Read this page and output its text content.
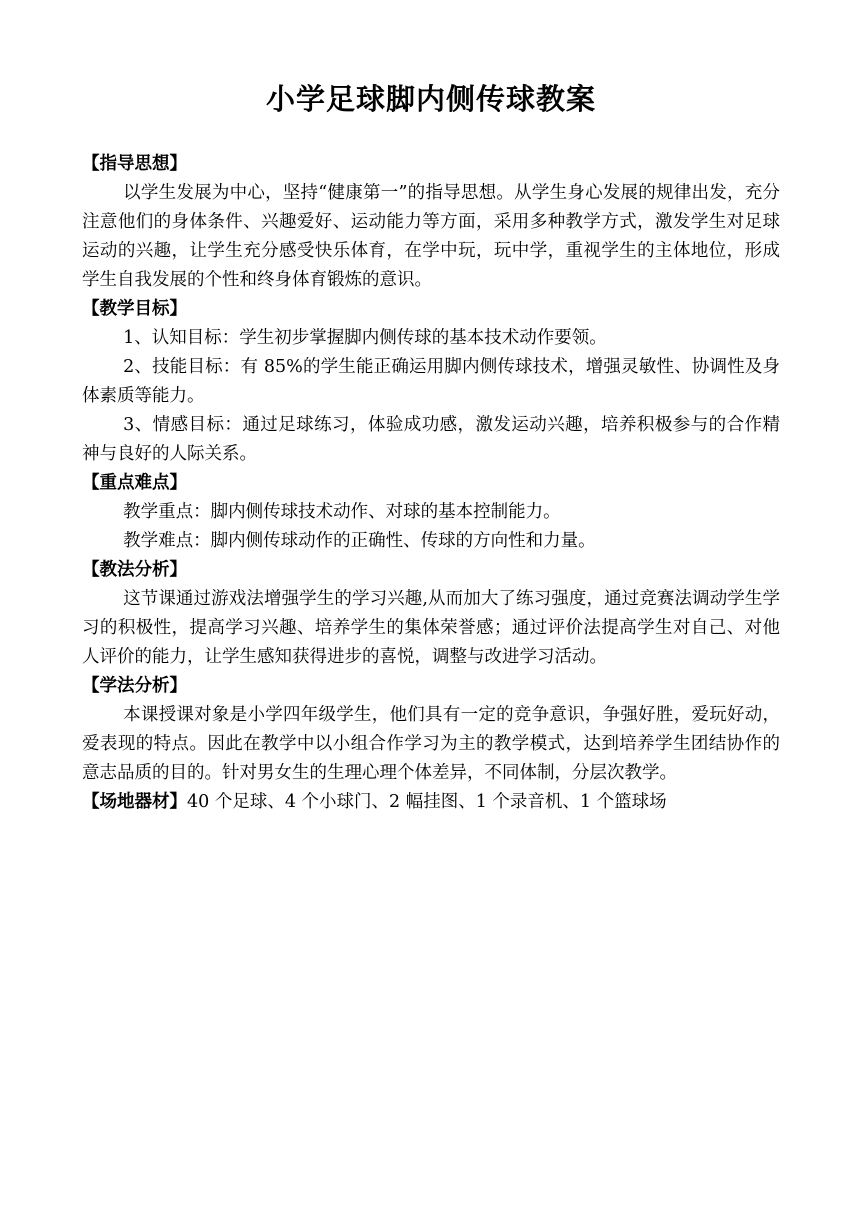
小学足球脚内侧传球教案
【指导思想】

以学生发展为中心，坚持“健康第一”的指导思想。从学生身心发展的规律出发，充分注意他们的身体条件、兴趣爱好、运动能力等方面，采用多种教学方式，激发学生对足球运动的兴趣，让学生充分感受快乐体育，在学中玩，玩中学，重视学生的主体地位，形成学生自我发展的个性和终身体育锻炼的意识。

【教学目标】

1、认知目标：学生初步掌握脚内侧传球的基本技术动作要领。

2、技能目标：有 85%的学生能正确运用脚内侧传球技术，增强灵敏性、协调性及身体素质等能力。

3、情感目标：通过足球练习，体验成功感，激发运动兴趣，培养积极参与的合作精神与良好的人际关系。

【重点难点】

教学重点：脚内侧传球技术动作、对球的基本控制能力。

教学难点：脚内侧传球动作的正确性、传球的方向性和力量。

【教法分析】

这节课通过游戏法增强学生的学习兴趣,从而加大了练习强度，通过竞赛法调动学生学习的积极性，提高学习兴趣、培养学生的集体荣誉感；通过评价法提高学生对自己、对他人评价的能力，让学生感知获得进步的喜悦，调整与改进学习活动。

【学法分析】

本课授课对象是小学四年级学生，他们具有一定的竞争意识，争强好胜，爱玩好动，爱表现的特点。因此在教学中以小组合作学习为主的教学模式，达到培养学生团结协作的意志品质的目的。针对男女生的生理心理个体差异，不同体制，分层次教学。

【场地器材】40 个足球、4 个小球门、2 幅挂图、1 个录音机、1 个篮球场
